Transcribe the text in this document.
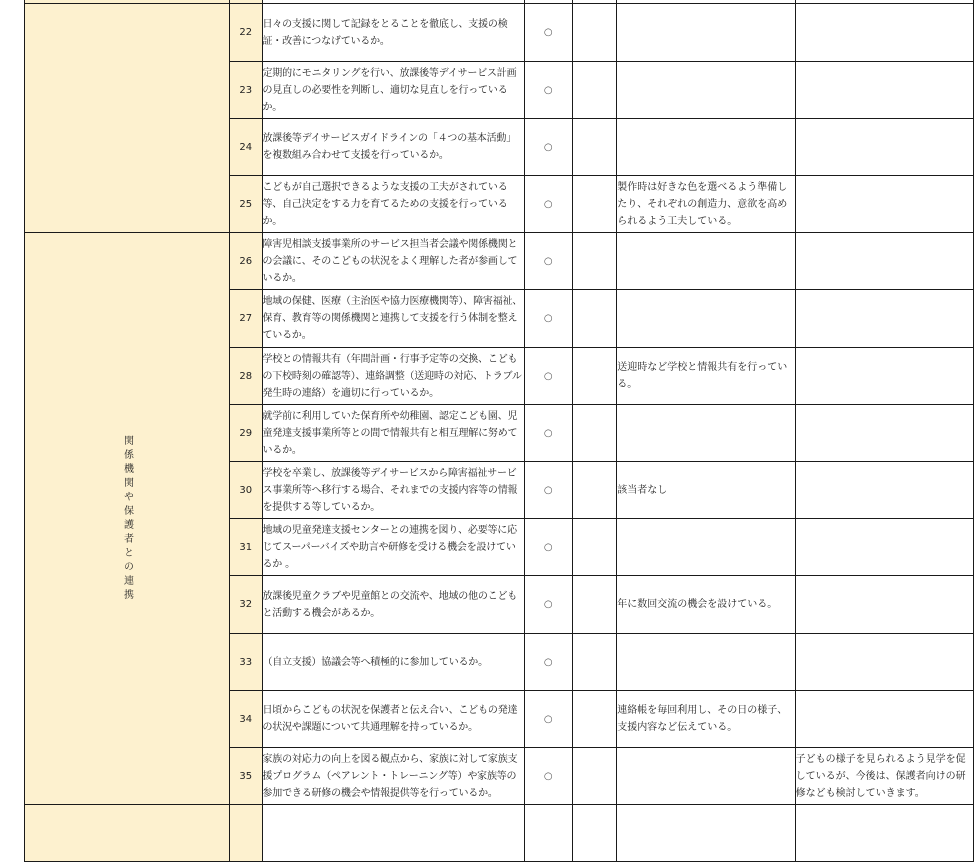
	22	日々の支援に関して記録をとることを徹底し、支援の検証・改善につなげているか。	○			
	23	定期的にモニタリングを行い、放課後等デイサービス計画の見直しの必要性を判断し、適切な見直しを行っているか。	○			
	24	放課後等デイサービスガイドラインの「４つの基本活動」を複数組み合わせて支援を行っているか。	○			
	25	こどもが自己選択できるような支援の工夫がされている等、自己決定をする力を育てるための支援を行っているか。	○		製作時は好きな色を選べるよう準備したり、それぞれの創造力、意欲を高められるよう工夫している。	
関係機関や保護者との連携	26	障害児相談支援事業所のサービス担当者会議や関係機関との会議に、そのこどもの状況をよく理解した者が参画しているか。	○			
	27	地域の保健、医療（主治医や協力医療機関等）、障害福祉、保育、教育等の関係機関と連携して支援を行う体制を整えているか。	○			
	28	学校との情報共有（年間計画・行事予定等の交換、こどもの下校時刻の確認等）、連絡調整（送迎時の対応、トラブル発生時の連絡）を適切に行っているか。	○		送迎時など学校と情報共有を行っている。	
	29	就学前に利用していた保育所や幼稚園、認定こども園、児童発達支援事業所等との間で情報共有と相互理解に努めているか。	○			
	30	学校を卒業し、放課後等デイサービスから障害福祉サービス事業所等へ移行する場合、それまでの支援内容等の情報を提供する等しているか。	○		該当者なし	
	31	地域の児童発達支援センターとの連携を図り、必要等に応じてスーパーバイズや助言や研修を受ける機会を設けているか 。	○			
	32	放課後児童クラブや児童館との交流や、地域の他のこどもと活動する機会があるか。	○		年に数回交流の機会を設けている。	
	33	（自立支援）協議会等へ積極的に参加しているか。	○			
	34	日頃からこどもの状況を保護者と伝え合い、こどもの発達の状況や課題について共通理解を持っているか。	○		連絡帳を毎回利用し、その日の様子、支援内容など伝えている。	
	35	家族の対応力の向上を図る観点から、家族に対して家族支援プログラム（ペアレント・トレーニング等）や家族等の参加できる研修の機会や情報提供等を行っているか。	○			子どもの様子を見られるよう見学を促しているが、今後は、保護者向けの研修なども検討していきます。
